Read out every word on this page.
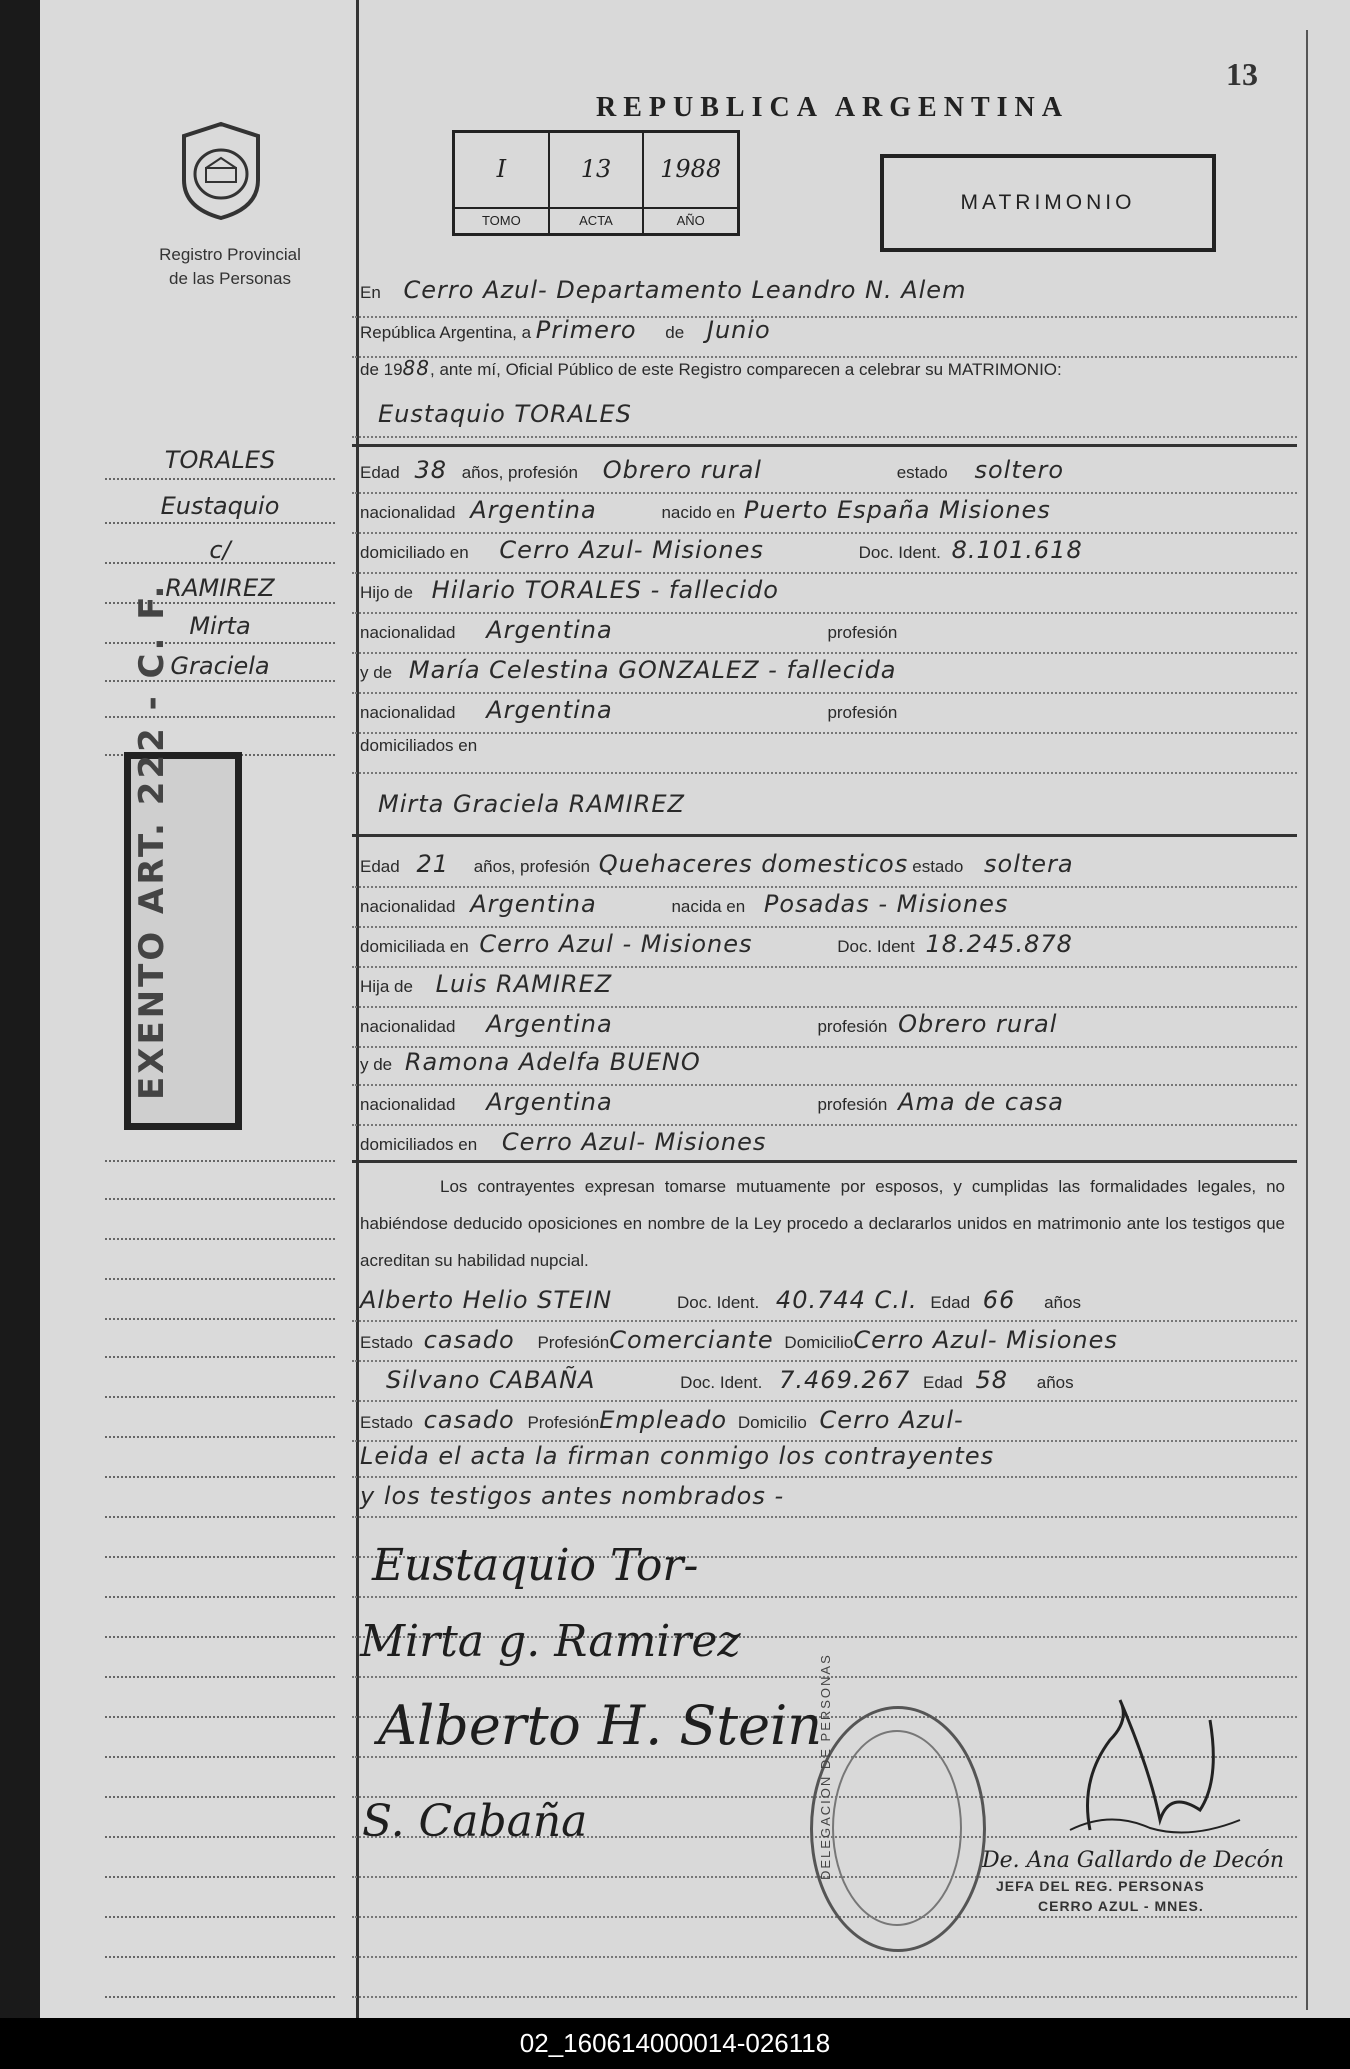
Registro Provincial
de las Personas
13
REPUBLICA ARGENTINA
I
TOMO
13
ACTA
1988
AÑO
MATRIMONIO
TORALES
Eustaquio
c/
RAMIREZ
Mirta
Graciela
EXENTO ART. 222 - C. F.
En Cerro Azul- Departamento Leandro N. Alem
República Argentina, a Primero de Junio
de 1988, ante mí, Oficial Público de este Registro comparecen a celebrar su MATRIMONIO:
Eustaquio TORALES
Edad 38 años, profesión Obrero rural	estado soltero
nacionalidad Argentina	nacido en Puerto España Misiones
domiciliado en Cerro Azul- Misiones	Doc. Ident. 8.101.618
Hijo de Hilario TORALES - fallecido
nacionalidad Argentina	profesión
y de María Celestina GONZALEZ - fallecida
nacionalidad Argentina	profesión
domiciliados en
Mirta Graciela RAMIREZ
Edad 21 años, profesión Quehaceres domesticos estado soltera
nacionalidad Argentina	nacida en Posadas - Misiones
domiciliada en Cerro Azul - Misiones	Doc. Ident 18.245.878
Hija de Luis RAMIREZ
nacionalidad Argentina	profesión Obrero rural
y de Ramona Adelfa BUENO
nacionalidad Argentina	profesión Ama de casa
domiciliados en Cerro Azul- Misiones
Los contrayentes expresan tomarse mutuamente por esposos, y cumplidas las formalidades legales, no habiéndose deducido oposiciones en nombre de la Ley procedo a declararlos unidos en matrimonio ante los testigos que acreditan su habilidad nupcial.
Alberto Helio STEIN	Doc. Ident. 40.744 C.I. Edad 66 años
Estado casado ProfesiónComerciante DomicilioCerro Azul- Misiones
Silvano CABAÑA	Doc. Ident. 7.469.267 Edad 58 años
Estado casado ProfesiónEmpleado Domicilio Cerro Azul-
Leida el acta la firman conmigo los contrayentes
y los testigos antes nombrados -
Eustaquio Tor-
Mirta g. Ramirez
Alberto H. Stein
S. Cabaña	DELEGACION DE PERSONAS	De. Ana Gallardo de Decón
JEFA DEL REG. PERSONAS
CERRO AZUL - MNES.
02_160614000014-026118
